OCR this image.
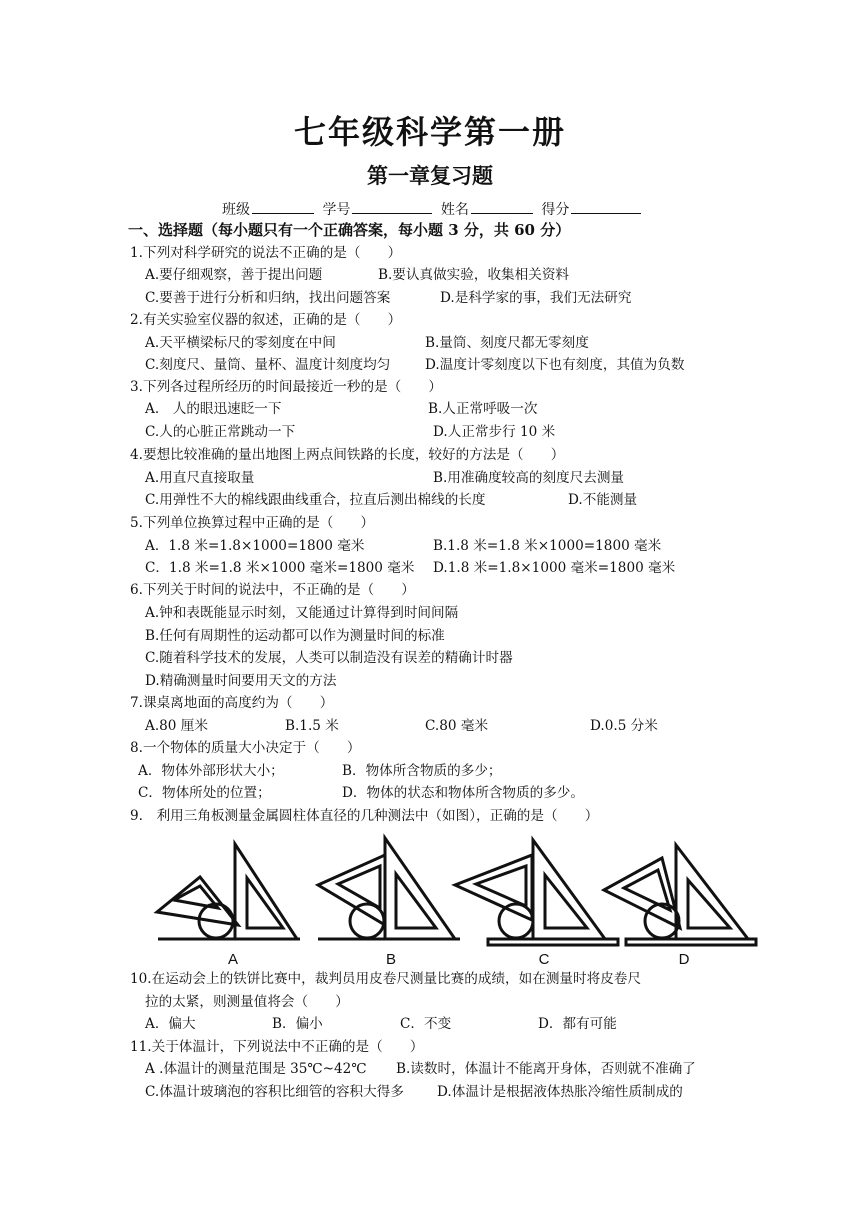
七年级科学第一册
第一章复习题
班级	学号	姓名	得分
一、选择题（每小题只有一个正确答案，每小题 3 分，共 60 分）
1.下列对科学研究的说法不正确的是（　　）
A.要仔细观察，善于提出问题	B.要认真做实验，收集相关资料
C.要善于进行分析和归纳，找出问题答案	D.是科学家的事，我们无法研究
2.有关实验室仪器的叙述，正确的是（　　）
A.天平横梁标尺的零刻度在中间	B.量筒、刻度尺都无零刻度
C.刻度尺、量筒、量杯、温度计刻度均匀	D.温度计零刻度以下也有刻度，其值为负数
3.下列各过程所经历的时间最接近一秒的是（　　）
A.　人的眼迅速眨一下	B.人正常呼吸一次
C.人的心脏正常跳动一下	D.人正常步行 10 米
4.要想比较准确的量出地图上两点间铁路的长度，较好的方法是（　　）
A.用直尺直接取量	B.用准确度较高的刻度尺去测量
C.用弹性不大的棉线跟曲线重合，拉直后测出棉线的长度	D.不能测量
5.下列单位换算过程中正确的是（　　）
A．1.8 米=1.8×1000=1800 毫米	B.1.8 米=1.8 米×1000=1800 毫米
C．1.8 米=1.8 米×1000 毫米=1800 毫米 D.1.8 米=1.8×1000 毫米=1800 毫米
6.下列关于时间的说法中，不正确的是（　　）
A.钟和表既能显示时刻，又能通过计算得到时间间隔
B.任何有周期性的运动都可以作为测量时间的标准
C.随着科学技术的发展，人类可以制造没有误差的精确计时器
D.精确测量时间要用天文的方法
7.课桌离地面的高度约为（　　）
A.80 厘米	B.1.5 米	C.80 毫米	D.0.5 分米
8.一个物体的质量大小决定于（　　）
A．物体外部形状大小；	B．物体所含物质的多少；
C．物体所处的位置；	D．物体的状态和物体所含物质的多少。
9.　利用三角板测量金属圆柱体直径的几种测法中（如图），正确的是（　　）
A	B	C	D
10.在运动会上的铁饼比赛中，裁判员用皮卷尺测量比赛的成绩，如在测量时将皮卷尺
拉的太紧，则测量值将会（　　）
A．偏大	B．偏小	C．不变	D．都有可能
11.关于体温计，下列说法中不正确的是（　　）
A .体温计的测量范围是 35℃~42℃ B.读数时，体温计不能离开身体，否则就不准确了
C.体温计玻璃泡的容积比细管的容积大得多 D.体温计是根据液体热胀冷缩性质制成的
